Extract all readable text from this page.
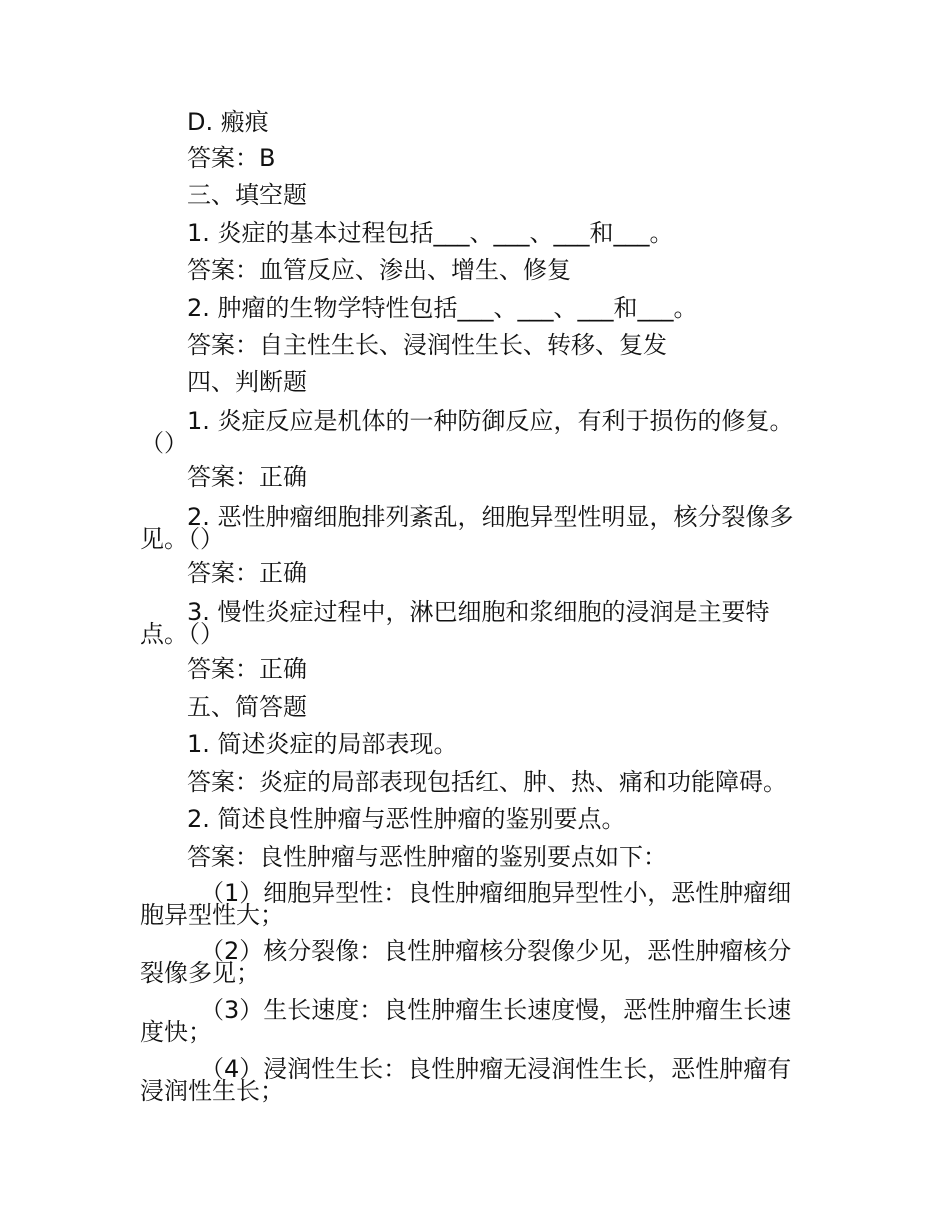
D. 瘢痕
答案：B
三、填空题
1. 炎症的基本过程包括___、___、___和___。
答案：血管反应、渗出、增生、修复
2. 肿瘤的生物学特性包括___、___、___和___。
答案：自主性生长、浸润性生长、转移、复发
四、判断题
1. 炎症反应是机体的一种防御反应，有利于损伤的修复。（）
答案：正确
2. 恶性肿瘤细胞排列紊乱，细胞异型性明显，核分裂像多见。（）
答案：正确
3. 慢性炎症过程中，淋巴细胞和浆细胞的浸润是主要特点。（）
答案：正确
五、简答题
1. 简述炎症的局部表现。
答案：炎症的局部表现包括红、肿、热、痛和功能障碍。
2. 简述良性肿瘤与恶性肿瘤的鉴别要点。
答案：良性肿瘤与恶性肿瘤的鉴别要点如下：
（1）细胞异型性：良性肿瘤细胞异型性小，恶性肿瘤细胞异型性大；
（2）核分裂像：良性肿瘤核分裂像少见，恶性肿瘤核分裂像多见；
（3）生长速度：良性肿瘤生长速度慢，恶性肿瘤生长速度快；
（4）浸润性生长：良性肿瘤无浸润性生长，恶性肿瘤有浸润性生长；
